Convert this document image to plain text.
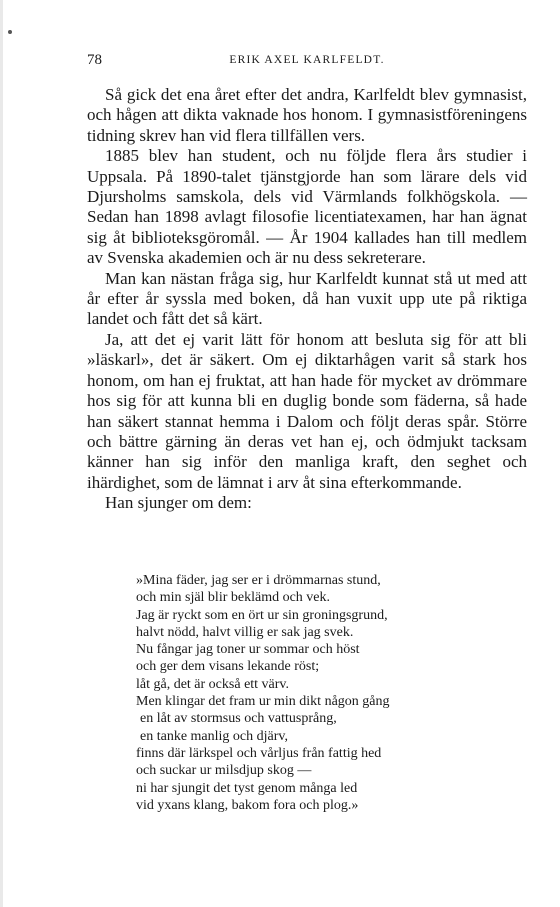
78	ERIK AXEL KARLFELDT.

Så gick det ena året efter det andra, Karlfeldt blev gymnasist, och hågen att dikta vaknade hos honom. I gymnasistföreningens tidning skrev han vid flera tillfällen vers.

1885 blev han student, och nu följde flera års studier i Uppsala. På 1890-talet tjänstgjorde han som lärare dels vid Djursholms samskola, dels vid Värmlands folkhögskola. — Sedan han 1898 avlagt filosofie licentiatexamen, har han ägnat sig åt biblioteksgöromål. — År 1904 kallades han till medlem av Svenska akademien och är nu dess sekreterare.

Man kan nästan fråga sig, hur Karlfeldt kunnat stå ut med att år efter år syssla med boken, då han vuxit upp ute på riktiga landet och fått det så kärt.

Ja, att det ej varit lätt för honom att besluta sig för att bli »läskarl», det är säkert. Om ej diktarhågen varit så stark hos honom, om han ej fruktat, att han hade för mycket av drömmare hos sig för att kunna bli en duglig bonde som fäderna, så hade han säkert stannat hemma i Dalom och följt deras spår. Större och bättre gärning än deras vet han ej, och ödmjukt tacksam känner han sig inför den manliga kraft, den seghet och ihärdighet, som de lämnat i arv åt sina efterkommande.

Han sjunger om dem:

»Mina fäder, jag ser er i drömmarnas stund,
och min själ blir beklämd och vek.
Jag är ryckt som en ört ur sin groningsgrund,
halvt nödd, halvt villig er sak jag svek.
Nu fångar jag toner ur sommar och höst
och ger dem visans lekande röst;
låt gå, det är också ett värv.
Men klingar det fram ur min dikt någon gång
en låt av stormsus och vattusprång,
en tanke manlig och djärv,
finns där lärkspel och vårljus från fattig hed
och suckar ur milsdjup skog —
ni har sjungit det tyst genom många led
vid yxans klang, bakom fora och plog.»
